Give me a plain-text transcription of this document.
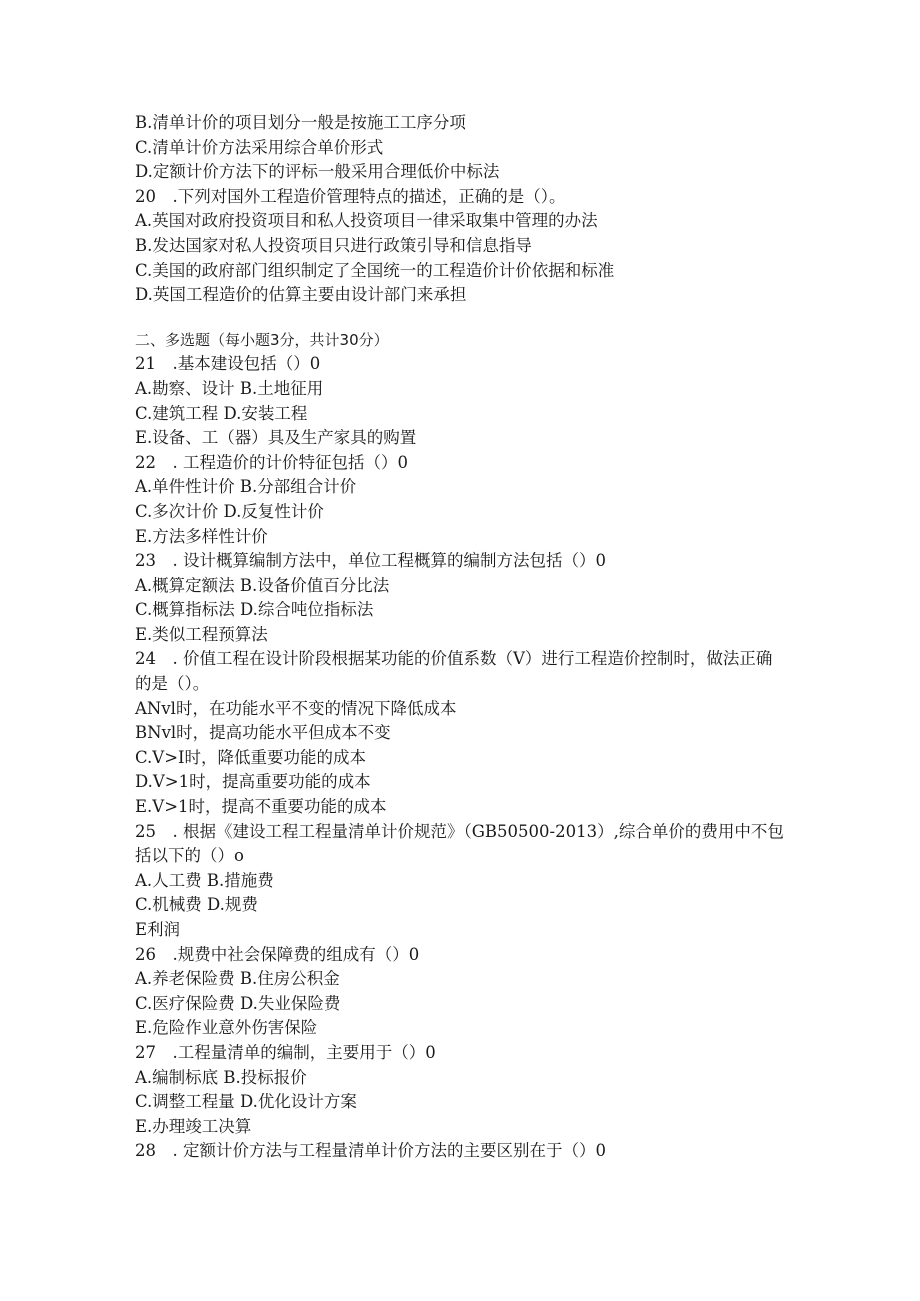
B.清单计价的项目划分一般是按施工工序分项
C.清单计价方法采用综合单价形式
D.定额计价方法下的评标一般采用合理低价中标法
20　.下列对国外工程造价管理特点的描述，正确的是（）。
A.英国对政府投资项目和私人投资项目一律采取集中管理的办法
B.发达国家对私人投资项目只进行政策引导和信息指导
C.美国的政府部门组织制定了全国统一的工程造价计价依据和标准
D.英国工程造价的估算主要由设计部门来承担
二、多选题（每小题3分，共计30分）
21　.基本建设包括（）0
A.勘察、设计 B.土地征用
C.建筑工程 D.安装工程
E.设备、工（器）具及生产家具的购置
22　. 工程造价的计价特征包括（）0
A.单件性计价 B.分部组合计价
C.多次计价 D.反复性计价
E.方法多样性计价
23　. 设计概算编制方法中，单位工程概算的编制方法包括（）0
A.概算定额法 B.设备价值百分比法
C.概算指标法 D.综合吨位指标法
E.类似工程预算法
24　. 价值工程在设计阶段根据某功能的价值系数（V）进行工程造价控制时，做法正确
的是（）。
ANvl时，在功能水平不变的情况下降低成本
BNvl时，提高功能水平但成本不变
C.V>I时，降低重要功能的成本
D.V>1时，提高重要功能的成本
E.V>1时，提高不重要功能的成本
25　. 根据《建设工程工程量清单计价规范》（GB50500-2013）,综合单价的费用中不包
括以下的（）o
A.人工费 B.措施费
C.机械费 D.规费
E利润
26　.规费中社会保障费的组成有（）0
A.养老保险费 B.住房公积金
C.医疗保险费 D.失业保险费
E.危险作业意外伤害保险
27　.工程量清单的编制，主要用于（）0
A.编制标底 B.投标报价
C.调整工程量 D.优化设计方案
E.办理竣工决算
28　. 定额计价方法与工程量清单计价方法的主要区别在于（）0
